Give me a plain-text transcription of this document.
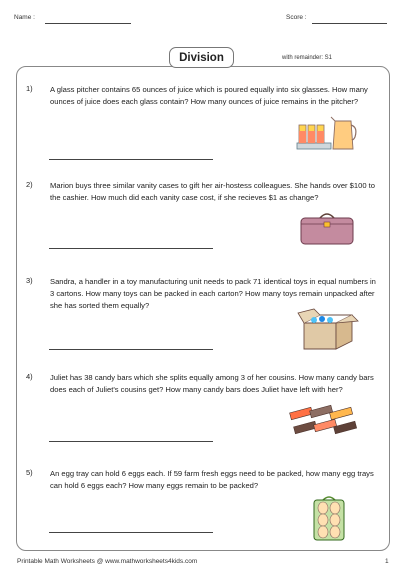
Name :	Score :
Division	with remainder: S1
1) A glass pitcher contains 65 ounces of juice which is poured equally into six glasses. How many ounces of juice does each glass contain? How many ounces of juice remains in the pitcher?
2) Marion buys three similar vanity cases to gift her air-hostess colleagues. She hands over $100 to the cashier. How much did each vanity case cost, if she recieves $1 as change?
3) Sandra, a handler in a toy manufacturing unit needs to pack 71 identical toys in equal numbers in 3 cartons. How many toys can be packed in each carton? How many toys remain unpacked after she has sorted them equally?
4) Juliet has 38 candy bars which she splits equally among 3 of her cousins. How many candy bars does each of Juliet's cousins get? How many candy bars does Juliet have left with her?
5) An egg tray can hold 6 eggs each. If 59 farm fresh eggs need to be packed, how many egg trays can hold 6 eggs each? How many eggs remain to be packed?
Printable Math Worksheets @ www.mathworksheets4kids.com	1
